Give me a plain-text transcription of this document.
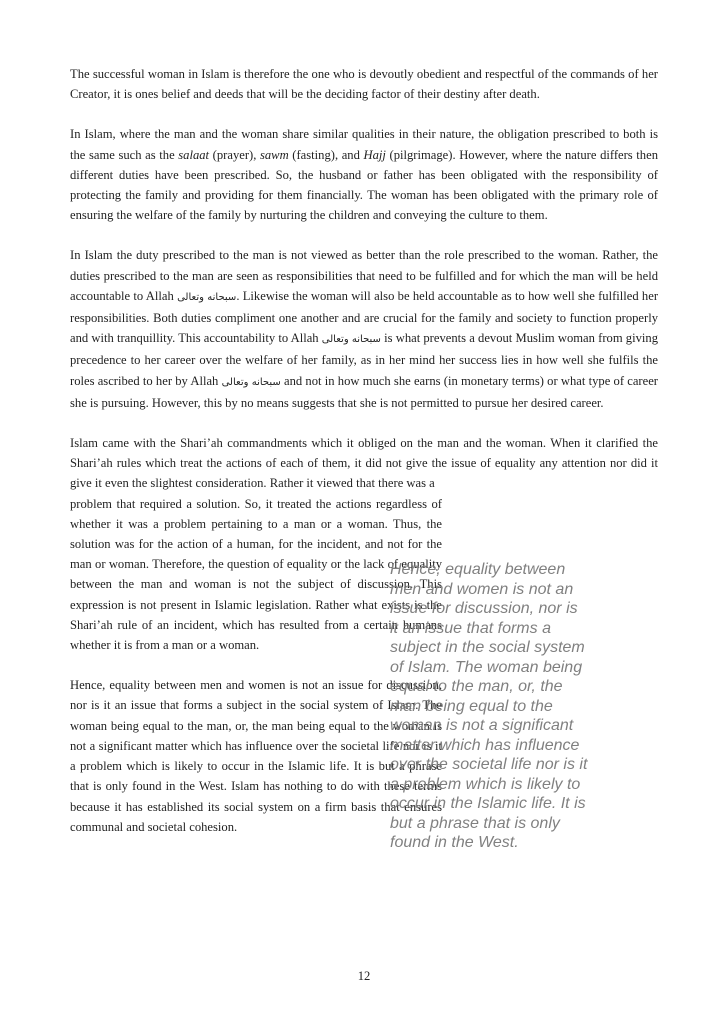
The successful woman in Islam is therefore the one who is devoutly obedient and respectful of the commands of her Creator, it is ones belief and deeds that will be the deciding factor of their destiny after death.

In Islam, where the man and the woman share similar qualities in their nature, the obligation prescribed to both is the same such as the salaat (prayer), sawm (fasting), and Hajj (pilgrimage). However, where the nature differs then different duties have been prescribed. So, the husband or father has been obligated with the responsibility of protecting the family and providing for them financially. The woman has been obligated with the primary role of ensuring the welfare of the family by nurturing the children and conveying the culture to them.

In Islam the duty prescribed to the man is not viewed as better than the role prescribed to the woman. Rather, the duties prescribed to the man are seen as responsibilities that need to be fulfilled and for which the man will be held accountable to Allah سبحانه وتعالى. Likewise the woman will also be held accountable as to how well she fulfilled her responsibilities. Both duties compliment one another and are crucial for the family and society to function properly and with tranquillity. This accountability to Allah سبحانه وتعالى is what prevents a devout Muslim woman from giving precedence to her career over the welfare of her family, as in her mind her success lies in how well she fulfils the roles ascribed to her by Allah سبحانه وتعالى and not in how much she earns (in monetary terms) or what type of career she is pursuing. However, this by no means suggests that she is not permitted to pursue her desired career.

Islam came with the Shari’ah commandments which it obliged on the man and the woman. When it clarified the Shari’ah rules which treat the actions of each of them, it did not give the issue of equality any attention nor did it give it even the slightest consideration. Rather it viewed that there was a
problem that required a solution. So, it treated the actions regardless of whether it was a problem pertaining to a man or a woman. Thus, the solution was for the action of a human, for the incident, and not for the man or woman. Therefore, the question of equality or the lack of equality between the man and woman is not the subject of discussion. This expression is not present in Islamic legislation. Rather what exists is the Shari’ah rule of an incident, which has resulted from a certain humans whether it is from a man or a woman.

Hence, equality between men and women is not an issue for discussion, nor is it an issue that forms a subject in the social system of Islam. The woman being equal to the man, or, the man being equal to the woman is not a significant matter which has influence over the societal life nor is it a problem which is likely to occur in the Islamic life. It is but a phrase that is only found in the West. Islam has nothing to do with these terms because it has established its social system on a firm basis that ensures communal and societal cohesion.

Hence, equality between men and women is not an issue for discussion, nor is it an issue that forms a subject in the social system of Islam. The woman being equal to the man, or, the man being equal to the woman is not a significant matter which has influence over the societal life nor is it a problem which is likely to occur in the Islamic life. It is but a phrase that is only found in the West.
12
